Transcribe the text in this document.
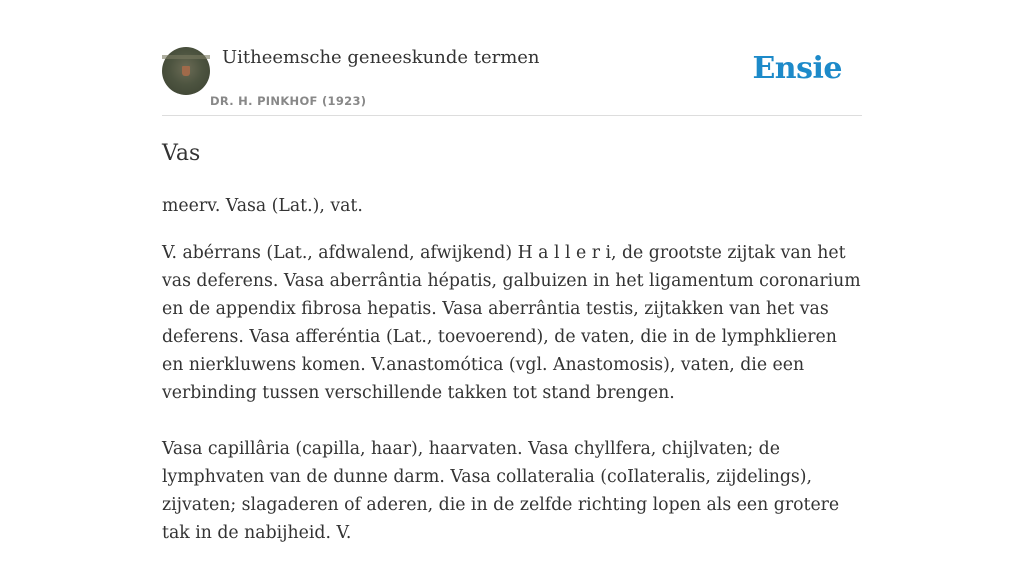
Uitheemsche geneeskunde termen
DR. H. PINKHOF (1923)
Ensie
Vas

meerv. Vasa (Lat.), vat.

V. abérrans (Lat., afdwalend, afwijkend) H a l l e r i, de grootste zijtak van het vas deferens. Vasa aberrântia hépatis, galbuizen in het ligamentum coronarium en de appendix fibrosa hepatis. Vasa aberrântia testis, zijtakken van het vas deferens. Vasa afferéntia (Lat., toevoerend), de vaten, die in de lymphklieren en nierkluwens komen. V.anastomótica (vgl. Anastomosis), vaten, die een verbinding tussen verschillende takken tot stand brengen.

Vasa capillâria (capilla, haar), haarvaten. Vasa chyllfera, chijlvaten; de lymphvaten van de dunne darm. Vasa collateralia (coIlateralis, zijdelings), zijvaten; slagaderen of aderen, die in de zelfde richting lopen als een grotere tak in de nabijheid. V.
